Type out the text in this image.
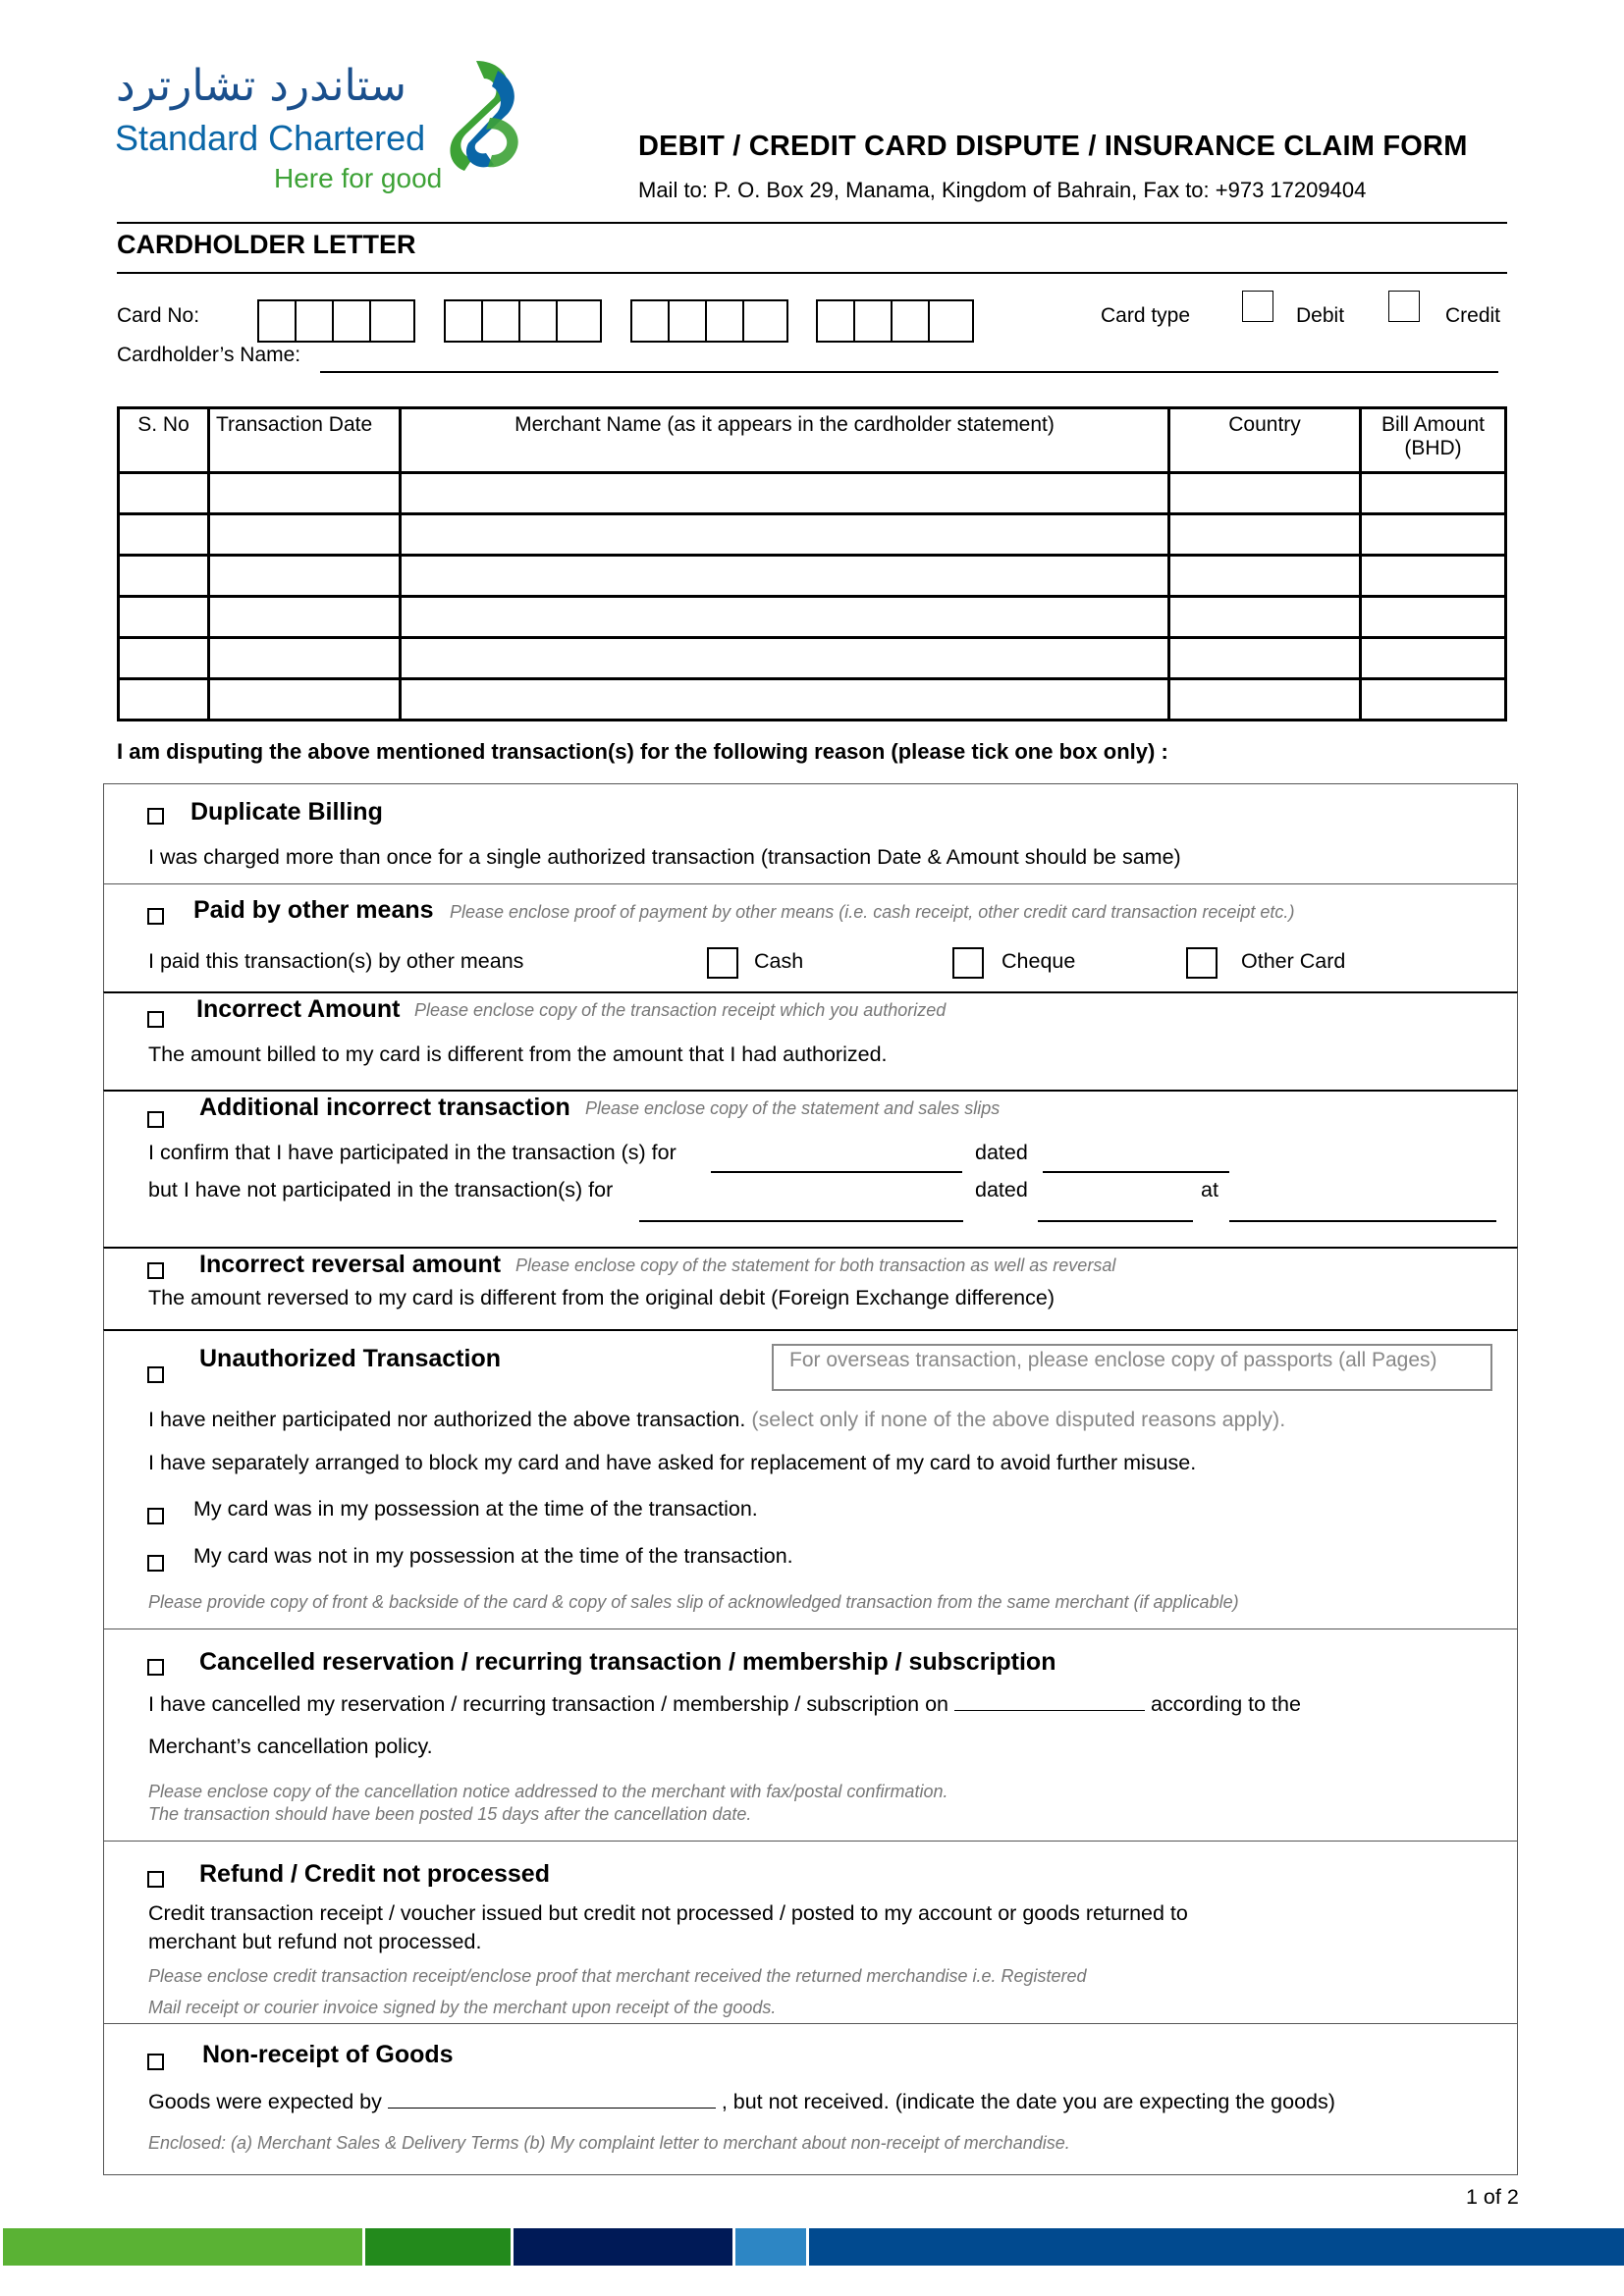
ستاندرد تشارترد
Standard Chartered
Here for good
DEBIT / CREDIT CARD DISPUTE / INSURANCE CLAIM FORM
Mail to: P. O. Box 29, Manama, Kingdom of Bahrain, Fax to: +973 17209404
CARDHOLDER LETTER
Card No:	Card type	Debit	Credit
Cardholder’s Name:
S. No	Transaction Date	Merchant Name (as it appears in the cardholder statement)	Country	Bill Amount
(BHD)

I am disputing the above mentioned transaction(s) for the following reason (please tick one box only) :
Duplicate Billing
I was charged more than once for a single authorized transaction (transaction Date & Amount should be same)
Paid by other means Please enclose proof of payment by other means (i.e. cash receipt, other credit card transaction receipt etc.)
I paid this transaction(s) by other means	Cash	Cheque	Other Card
Incorrect Amount Please enclose copy of the transaction receipt which you authorized
The amount billed to my card is different from the amount that I had authorized.
Additional incorrect transaction Please enclose copy of the statement and sales slips
I confirm that I have participated in the transaction (s) for	dated
but I have not participated in the transaction(s) for	dated	at
Incorrect reversal amount Please enclose copy of the statement for both transaction as well as reversal
The amount reversed to my card is different from the original debit (Foreign Exchange difference)
Unauthorized Transaction	For overseas transaction, please enclose copy of passports (all Pages)
I have neither participated nor authorized the above transaction. (select only if none of the above disputed reasons apply).
I have separately arranged to block my card and have asked for replacement of my card to avoid further misuse.
My card was in my possession at the time of the transaction.
My card was not in my possession at the time of the transaction.
Please provide copy of front & backside of the card & copy of sales slip of acknowledged transaction from the same merchant (if applicable)
Cancelled reservation / recurring transaction / membership / subscription
I have cancelled my reservation / recurring transaction / membership / subscription on	according to the
Merchant’s cancellation policy.
Please enclose copy of the cancellation notice addressed to the merchant with fax/postal confirmation.
The transaction should have been posted 15 days after the cancellation date.
Refund / Credit not processed
Credit transaction receipt / voucher issued but credit not processed / posted to my account or goods returned to
merchant but refund not processed.
Please enclose credit transaction receipt/enclose proof that merchant received the returned merchandise i.e. Registered
Mail receipt or courier invoice signed by the merchant upon receipt of the goods.
Non-receipt of Goods
Goods were expected by	, but not received. (indicate the date you are expecting the goods)
Enclosed: (a) Merchant Sales & Delivery Terms (b) My complaint letter to merchant about non-receipt of merchandise.
1 of 2
